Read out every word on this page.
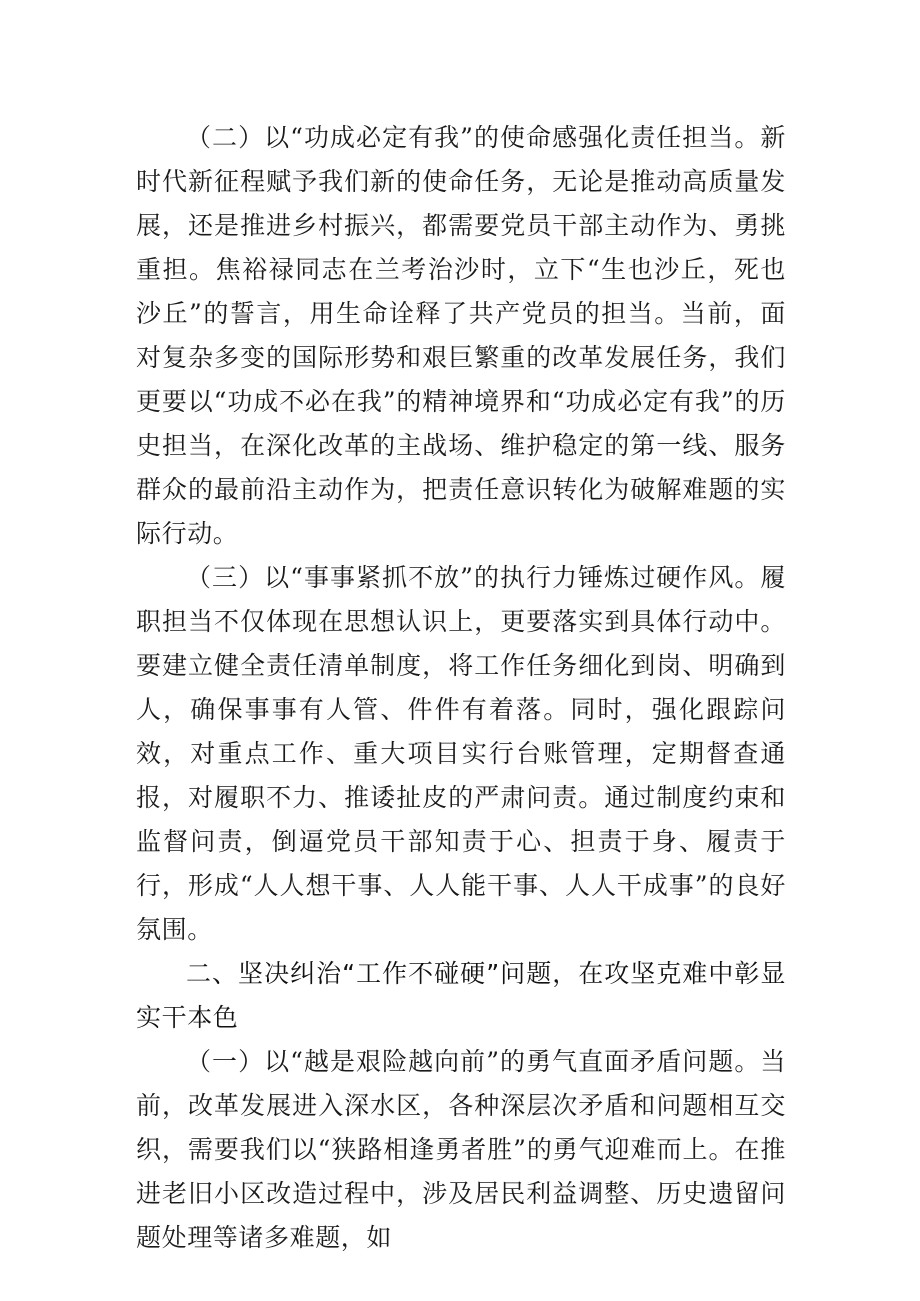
（二）以“功成必定有我”的使命感强化责任担当。新时代新征程赋予我们新的使命任务，无论是推动高质量发展，还是推进乡村振兴，都需要党员干部主动作为、勇挑重担。焦裕禄同志在兰考治沙时，立下“生也沙丘，死也沙丘”的誓言，用生命诠释了共产党员的担当。当前，面对复杂多变的国际形势和艰巨繁重的改革发展任务，我们更要以“功成不必在我”的精神境界和“功成必定有我”的历史担当，在深化改革的主战场、维护稳定的第一线、服务群众的最前沿主动作为，把责任意识转化为破解难题的实际行动。

（三）以“事事紧抓不放”的执行力锤炼过硬作风。履职担当不仅体现在思想认识上，更要落实到具体行动中。要建立健全责任清单制度，将工作任务细化到岗、明确到人，确保事事有人管、件件有着落。同时，强化跟踪问效，对重点工作、重大项目实行台账管理，定期督查通报，对履职不力、推诿扯皮的严肃问责。通过制度约束和监督问责，倒逼党员干部知责于心、担责于身、履责于行，形成“人人想干事、人人能干事、人人干成事”的良好氛围。

二、坚决纠治“工作不碰硬”问题，在攻坚克难中彰显实干本色

（一）以“越是艰险越向前”的勇气直面矛盾问题。当前，改革发展进入深水区，各种深层次矛盾和问题相互交织，需要我们以“狭路相逢勇者胜”的勇气迎难而上。在推进老旧小区改造过程中，涉及居民利益调整、历史遗留问题处理等诸多难题，如
